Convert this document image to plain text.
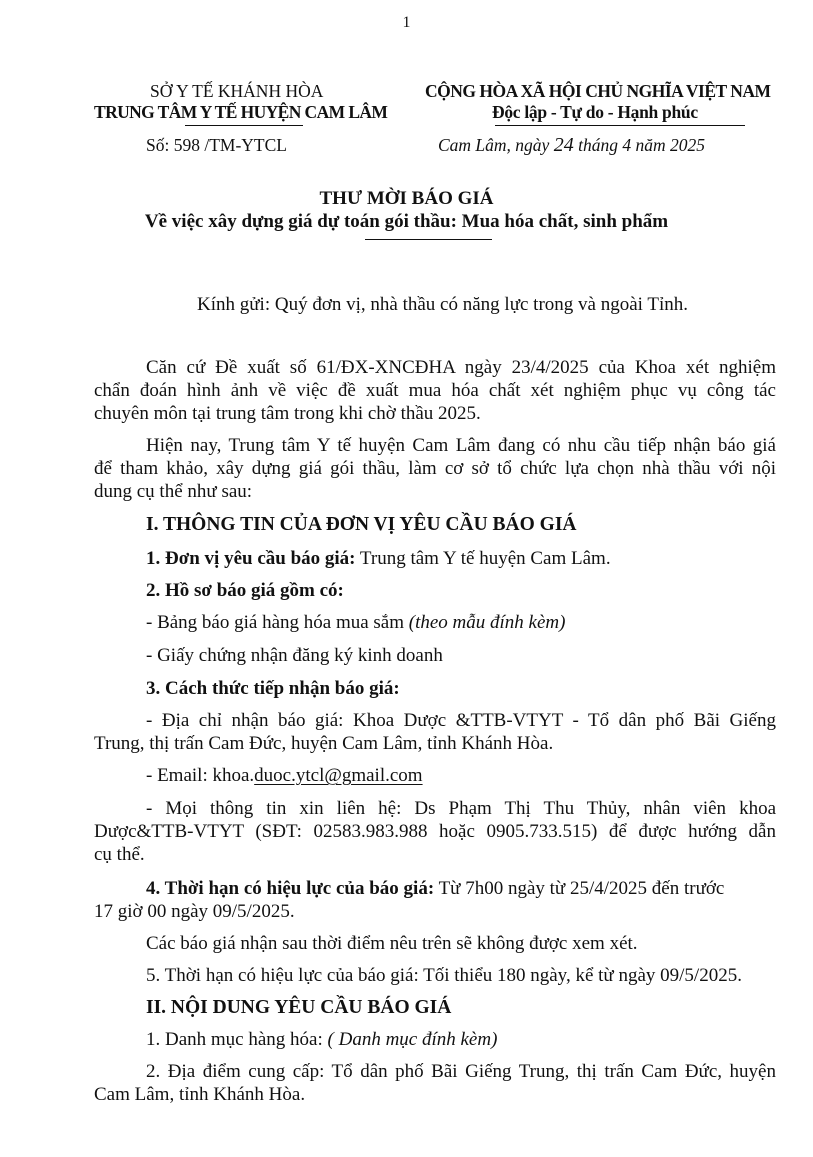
1
SỞ Y TẾ KHÁNH HÒA
TRUNG TÂM Y TẾ HUYỆN CAM LÂM
Số: 598 /TM-YTCL
CỘNG HÒA XÃ HỘI CHỦ NGHĨA VIỆT NAM
Độc lập - Tự do - Hạnh phúc
Cam Lâm, ngày 24 tháng 4 năm 2025
THƯ MỜI BÁO GIÁ
Về việc xây dựng giá dự toán gói thầu: Mua hóa chất, sinh phẩm
Kính gửi: Quý đơn vị, nhà thầu có năng lực trong và ngoài Tỉnh.
Căn cứ Đề xuất số 61/ĐX-XNCĐHA ngày 23/4/2025 của Khoa xét nghiệm
chẩn đoán hình ảnh về việc đề xuất mua hóa chất xét nghiệm phục vụ công tác
chuyên môn tại trung tâm trong khi chờ thầu 2025.
Hiện nay, Trung tâm Y tế huyện Cam Lâm đang có nhu cầu tiếp nhận báo giá
để tham khảo, xây dựng giá gói thầu, làm cơ sở tổ chức lựa chọn nhà thầu với nội
dung cụ thể như sau:
I. THÔNG TIN CỦA ĐƠN VỊ YÊU CẦU BÁO GIÁ
1. Đơn vị yêu cầu báo giá: Trung tâm Y tế huyện Cam Lâm.
2. Hồ sơ báo giá gồm có:
- Bảng báo giá hàng hóa mua sắm (theo mẫu đính kèm)
- Giấy chứng nhận đăng ký kinh doanh
3. Cách thức tiếp nhận báo giá:
- Địa chỉ nhận báo giá: Khoa Dược &TTB-VTYT - Tổ dân phố Bãi Giếng
Trung, thị trấn Cam Đức, huyện Cam Lâm, tỉnh Khánh Hòa.
- Email: khoa.duoc.ytcl@gmail.com
- Mọi thông tin xin liên hệ: Ds Phạm Thị Thu Thủy, nhân viên khoa
Dược&TTB-VTYT (SĐT: 02583.983.988 hoặc 0905.733.515) để được hướng dẫn
cụ thể.
4. Thời hạn có hiệu lực của báo giá: Từ 7h00 ngày từ 25/4/2025 đến trước
17 giờ 00 ngày 09/5/2025.
Các báo giá nhận sau thời điểm nêu trên sẽ không được xem xét.
5. Thời hạn có hiệu lực của báo giá: Tối thiểu 180 ngày, kể từ ngày 09/5/2025.
II. NỘI DUNG YÊU CẦU BÁO GIÁ
1. Danh mục hàng hóa: ( Danh mục đính kèm)
2. Địa điểm cung cấp: Tổ dân phố Bãi Giếng Trung, thị trấn Cam Đức, huyện
Cam Lâm, tỉnh Khánh Hòa.
